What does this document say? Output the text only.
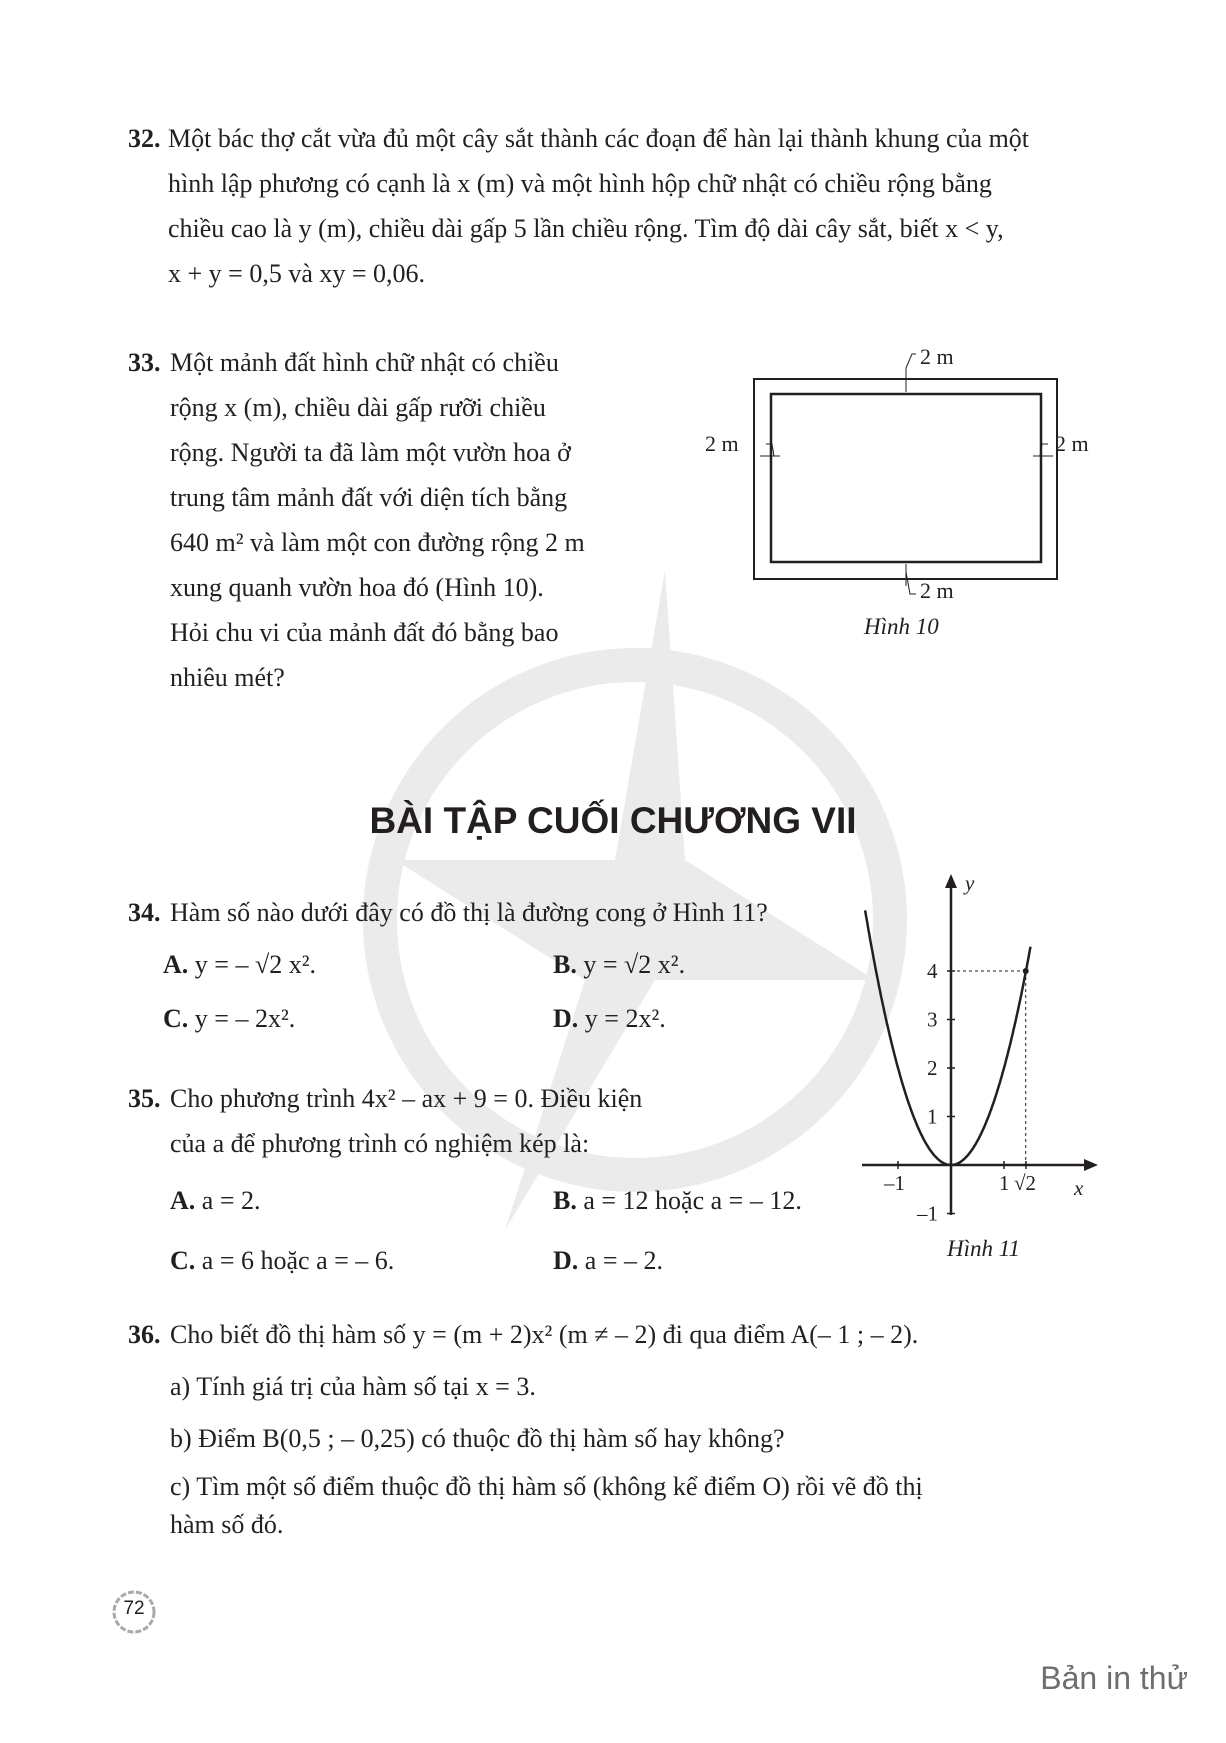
32. Một bác thợ cắt vừa đủ một cây sắt thành các đoạn để hàn lại thành khung của một
hình lập phương có cạnh là x (m) và một hình hộp chữ nhật có chiều rộng bằng
chiều cao là y (m), chiều dài gấp 5 lần chiều rộng. Tìm độ dài cây sắt, biết x < y,
x + y = 0,5 và xy = 0,06.
33. Một mảnh đất hình chữ nhật có chiều
rộng x (m), chiều dài gấp rưỡi chiều
rộng. Người ta đã làm một vườn hoa ở
trung tâm mảnh đất với diện tích bằng
640 m² và làm một con đường rộng 2 m
xung quanh vườn hoa đó (Hình 10).
Hỏi chu vi của mảnh đất đó bằng bao
nhiêu mét?
2 m
2 m	2 m
2 m
Hình 10
BÀI TẬP CUỐI CHƯƠNG VII
34. Hàm số nào dưới đây có đồ thị là đường cong ở Hình 11?
A. y = – √2 x².	B. y = √2 x².
C. y = – 2x².	D. y = 2x².
35. Cho phương trình 4x² – ax + 9 = 0. Điều kiện
của a để phương trình có nghiệm kép là:
A. a = 2.	B. a = 12 hoặc a = – 12.
C. a = 6 hoặc a = – 6.	D. a = – 2.
y
x
4
3
2
1
–1
–1	1 √2
Hình 11
36. Cho biết đồ thị hàm số y = (m + 2)x² (m ≠ – 2) đi qua điểm A(– 1 ; – 2).
a) Tính giá trị của hàm số tại x = 3.
b) Điểm B(0,5 ; – 0,25) có thuộc đồ thị hàm số hay không?
c) Tìm một số điểm thuộc đồ thị hàm số (không kể điểm O) rồi vẽ đồ thị
hàm số đó.
72
Bản in thử
